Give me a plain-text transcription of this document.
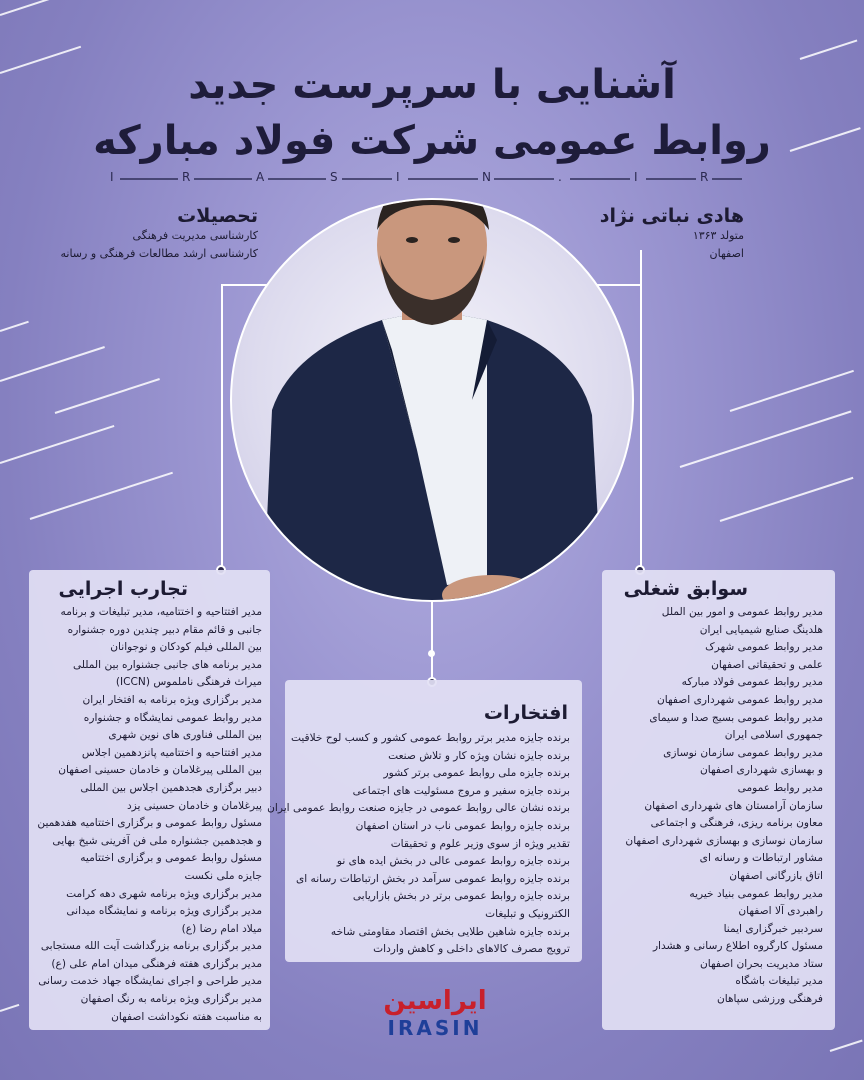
آشنایی با سرپرست جدید
روابط عمومی شرکت فولاد مبارکه
I	R	A	S	I	N	.	I	R
تحصیلات
کارشناسی مدیریت فرهنگی
کارشناسی ارشد مطالعات فرهنگی و رسانه
هادی نباتی نژاد
متولد ۱۳۶۳
اصفهان
تجارب اجرایی
مدیر افتتاحیه و اختتامیه، مدیر تبلیغات و برنامه
جانبی و قائم مقام دبیر چندین دوره جشنواره
بین المللی فیلم کودکان و نوجوانان
مدیر برنامه های جانبی جشنواره بین المللی
میراث فرهنگی ناملموس (ICCN)
مدیر برگزاری ویژه برنامه به افتخار ایران
مدیر روابط عمومی نمایشگاه و جشنواره
بین المللی فناوری های نوین شهری
مدیر افتتاحیه و اختتامیه پانزدهمین اجلاس
بین المللی پیرغلامان و خادمان حسینی اصفهان
دبیر برگزاری هجدهمین اجلاس بین المللی
پیرغلامان و خادمان حسینی یزد
مسئول روابط عمومی و برگزاری اختتامیه هفدهمین
و هجدهمین جشنواره ملی فن آفرینی شیخ بهایی
مسئول روابط عمومی و برگزاری اختتامیه
جایزه ملی نکست
مدیر برگزاری ویژه برنامه شهری دهه کرامت
مدیر برگزاری ویژه برنامه و نمایشگاه میدانی
میلاد امام رضا (ع)
مدیر برگزاری برنامه بزرگداشت آیت الله مستجابی
مدیر برگزاری هفته فرهنگی میدان امام علی (ع)
مدیر طراحی و اجرای نمایشگاه جهاد خدمت رسانی
مدیر برگزاری ویژه برنامه به رنگ اصفهان
به مناسبت هفته نکوداشت اصفهان
افتخارات
برنده جایزه مدیر برتر روابط عمومی کشور و کسب لوح خلاقیت
برنده جایزه نشان ویژه کار و تلاش صنعت
برنده جایزه ملی روابط عمومی برتر کشور
برنده جایزه سفیر و مروج مسئولیت های اجتماعی
برنده نشان عالی روابط عمومی در جایزه صنعت روابط عمومی ایران
برنده جایزه روابط عمومی ناب در استان اصفهان
تقدیر ویژه از سوی وزیر علوم و تحقیقات
برنده جایزه روابط عمومی عالی در بخش ایده های نو
برنده جایزه روابط عمومی سرآمد در بخش ارتباطات رسانه ای
برنده جایزه روابط عمومی برتر در بخش بازاریابی
الکترونیک و تبلیغات
برنده جایزه شاهین طلایی بخش اقتصاد مقاومتی شاخه
ترویج مصرف کالاهای داخلی و کاهش واردات
سوابق شغلی
مدیر روابط عمومی و امور بین الملل
هلدینگ صنایع شیمیایی ایران
مدیر روابط عمومی شهرک
علمی و تحقیقاتی اصفهان
مدیر روابط عمومی فولاد مبارکه
مدیر روابط عمومی شهرداری اصفهان
مدیر روابط عمومی بسیج صدا و سیمای
جمهوری اسلامی ایران
مدیر روابط عمومی سازمان نوسازی
و بهسازی شهرداری اصفهان
مدیر روابط عمومی
سازمان آرامستان های شهرداری اصفهان
معاون برنامه ریزی، فرهنگی و اجتماعی
سازمان نوسازی و بهسازی شهرداری اصفهان
مشاور ارتباطات و رسانه ای
اتاق بازرگانی اصفهان
مدیر روابط عمومی بنیاد خیریه
راهبردی آلا اصفهان
سردبیر خبرگزاری ایمنا
مسئول کارگروه اطلاع رسانی و هشدار
ستاد مدیریت بحران اصفهان
مدیر تبلیغات باشگاه
فرهنگی ورزشی سپاهان
ایراسین
IRASIN
